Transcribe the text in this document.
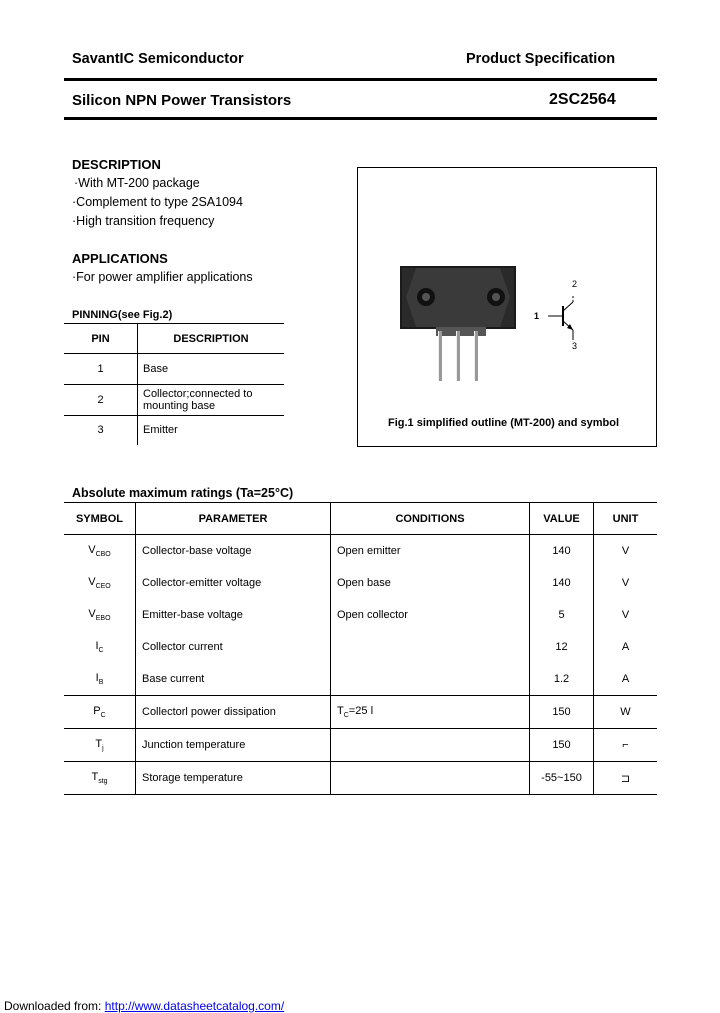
SavantIC Semiconductor	Product Specification
Silicon NPN Power Transistors	2SC2564
DESCRIPTION
·With MT-200 package
·Complement to type 2SA1094
·High transition frequency
APPLICATIONS
·For power amplifier applications
PINNING(see Fig.2)
PIN	DESCRIPTION
1	Base
2	Collector;connected to mounting base
3	Emitter
1
2
3
Fig.1 simplified outline (MT-200) and symbol
Absolute maximum ratings (Ta=25°C)
SYMBOL	PARAMETER	CONDITIONS	VALUE	UNIT
$V_{CBO}$	Collector-base voltage	Open emitter	140	V
$V_{CEO}$	Collector-emitter voltage	Open base	140	V
$V_{EBO}$	Emitter-base voltage	Open collector	5	V
$I_C$	Collector current		12	A
$I_B$	Base current		1.2	A
$P_C$	Collectorl power dissipation	$T_C=25$ ǀ	150	W
$T_j$	Junction temperature		150	⌐
$T_{stg}$	Storage temperature		-55~150	⊐
Downloaded from: http://www.datasheetcatalog.com/
